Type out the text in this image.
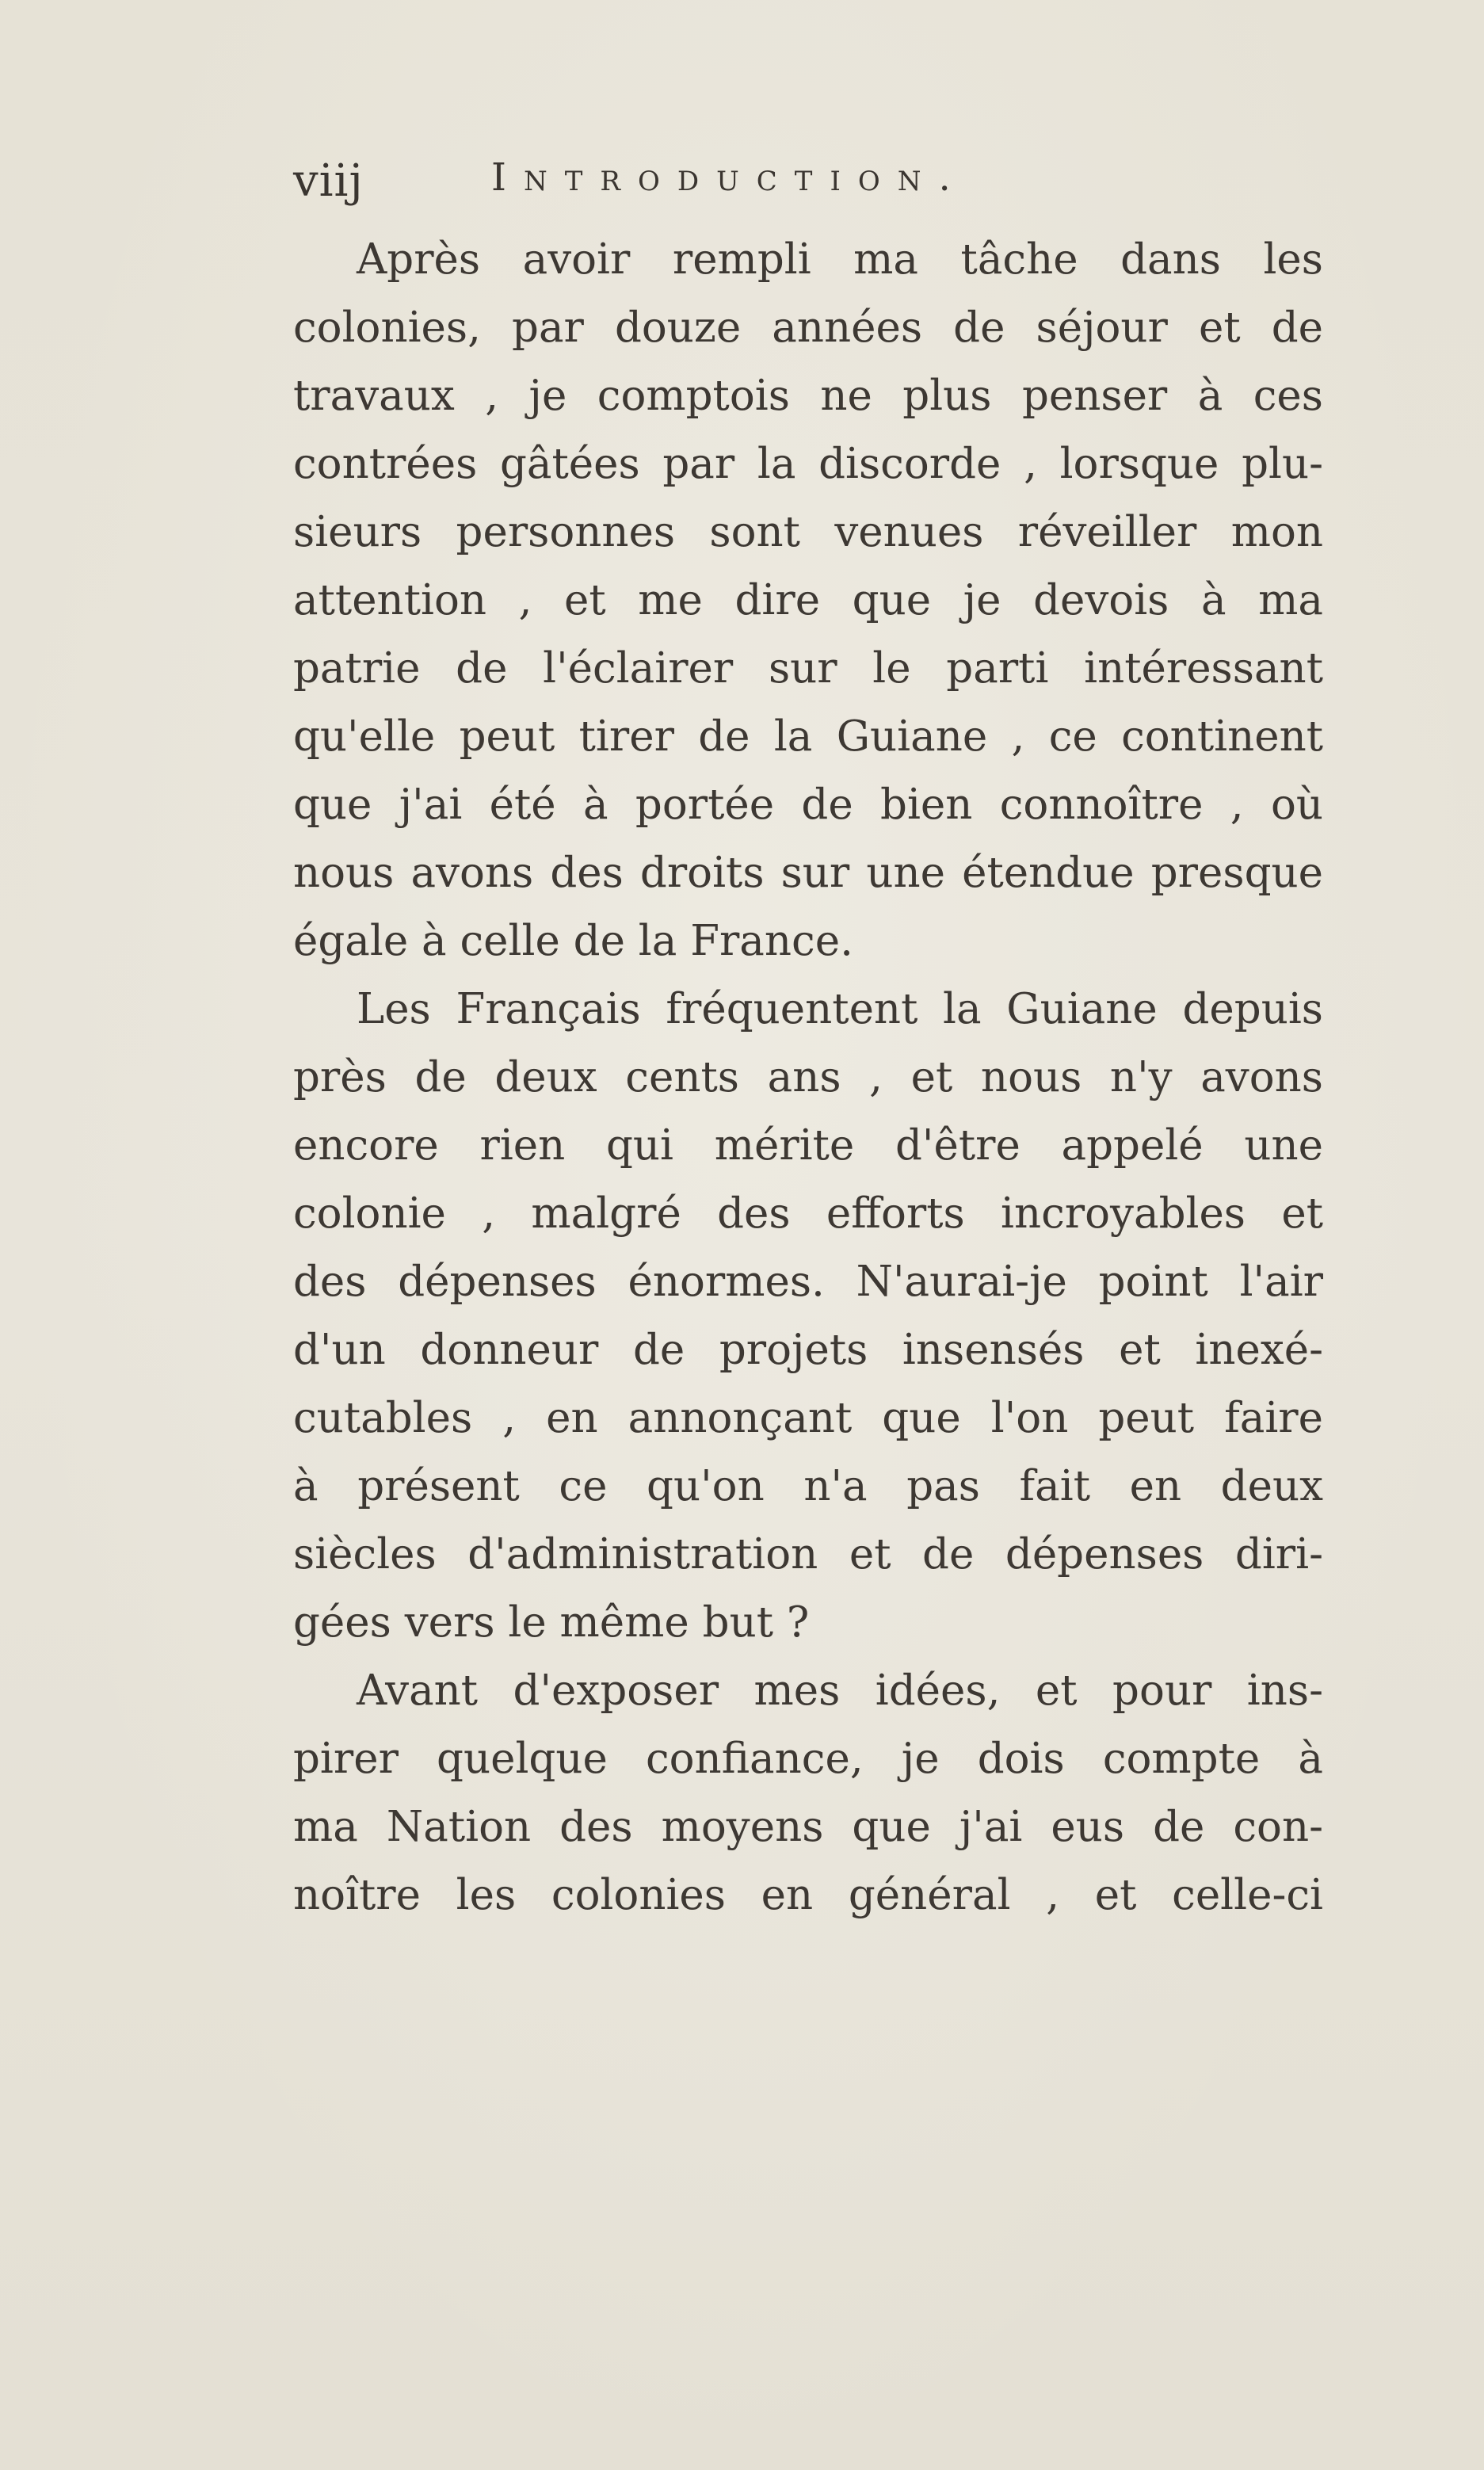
viij	Introduction.
Après avoir rempli ma tâche dans les
colonies, par douze années de séjour et de
travaux , je comptois ne plus penser à ces
contrées gâtées par la discorde , lorsque plu-
sieurs personnes sont venues réveiller mon
attention , et me dire que je devois à ma
patrie de l'éclairer sur le parti intéressant
qu'elle peut tirer de la Guiane , ce continent
que j'ai été à portée de bien connoître , où
nous avons des droits sur une étendue presque
égale à celle de la France.
Les Français fréquentent la Guiane depuis
près de deux cents ans , et nous n'y avons
encore rien qui mérite d'être appelé une
colonie , malgré des efforts incroyables et
des dépenses énormes. N'aurai-je point l'air
d'un donneur de projets insensés et inexé-
cutables , en annonçant que l'on peut faire
à présent ce qu'on n'a pas fait en deux
siècles d'administration et de dépenses diri-
gées vers le même but ?
Avant d'exposer mes idées, et pour ins-
pirer quelque confiance, je dois compte à
ma Nation des moyens que j'ai eus de con-
noître les colonies en général , et celle-ci
